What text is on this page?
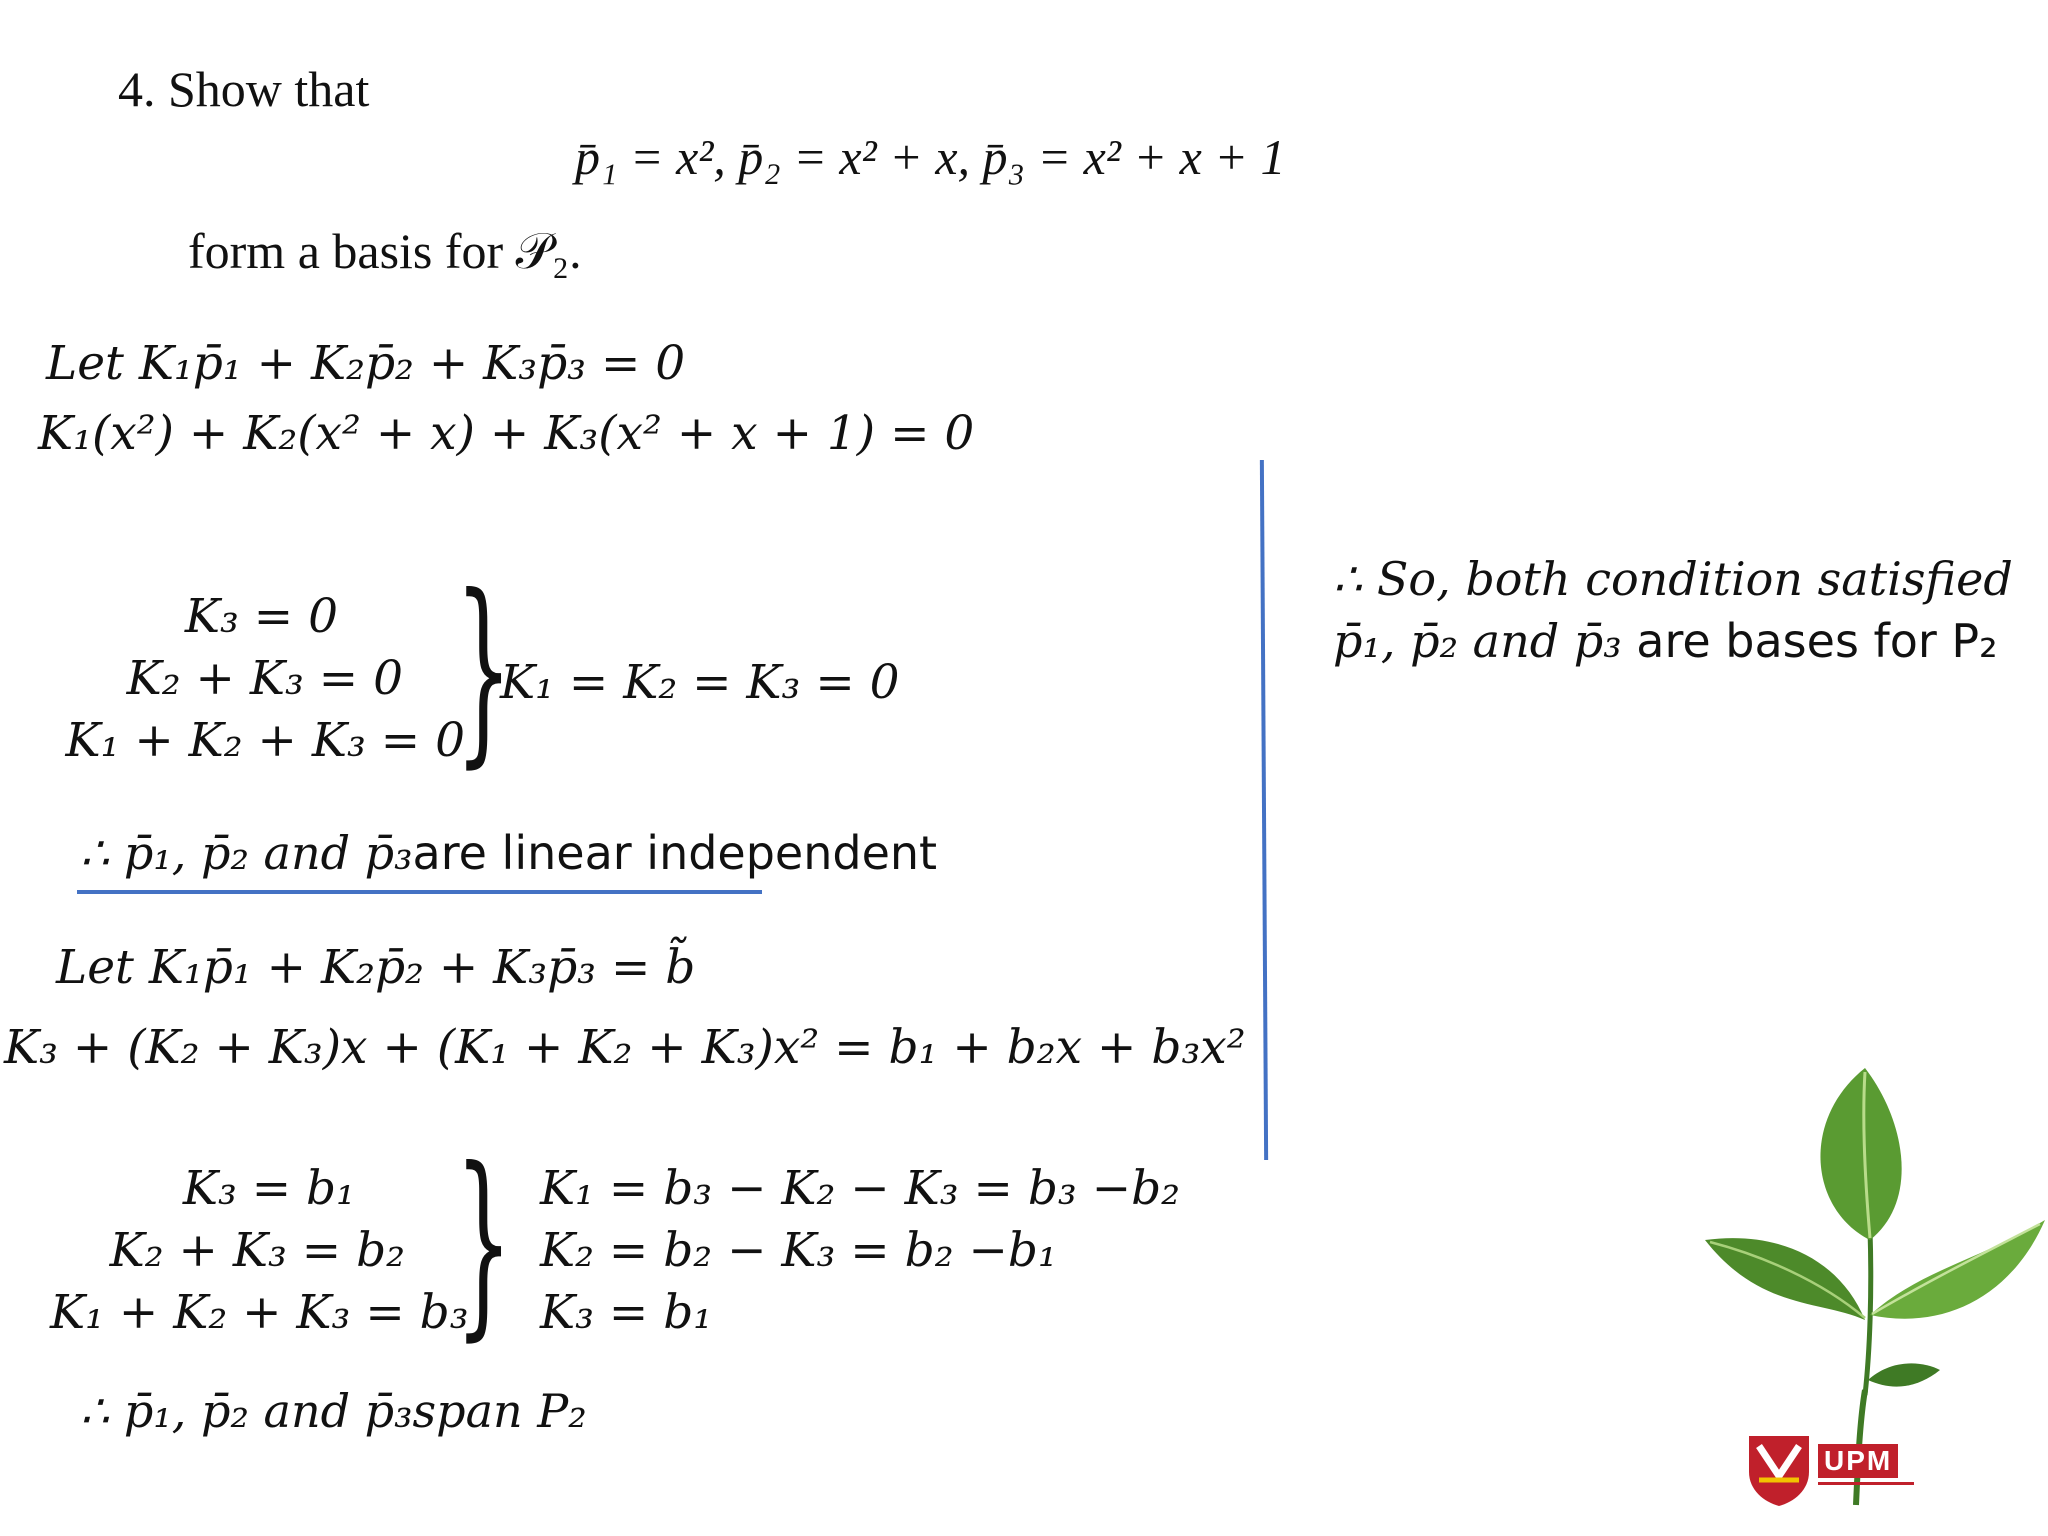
4. Show that
p̄₁ = x², p̄₂ = x² + x, p̄₃ = x² + x + 1
form a basis for 𝒫₂.
Let K₁p̄₁ + K₂p̄₂ + K₃p̄₃ = 0
K₁(x²) + K₂(x² + x) + K₃(x² + x + 1) = 0
K₃ = 0
K₂ + K₃ = 0
K₁ + K₂ + K₃ = 0
}
K₁ = K₂ = K₃ = 0
∴ p̄₁, p̄₂ and p̄₃are linear independent
Let K₁p̄₁ + K₂p̄₂ + K₃p̄₃ = b̃
K₃ + (K₂ + K₃)x + (K₁ + K₂ + K₃)x² = b₁ + b₂x + b₃x²
K₃ = b₁
K₂ + K₃ = b₂
K₁ + K₂ + K₃ = b₃
} K₁ = b₃ − K₂ − K₃ = b₃ −b₂
K₂ = b₂ − K₃ = b₂ −b₁
K₃ = b₁
∴ p̄₁, p̄₂ and p̄₃span P₂
∴ So, both condition satisfied
p̄₁, p̄₂ and p̄₃ are bases for P₂
UPM
